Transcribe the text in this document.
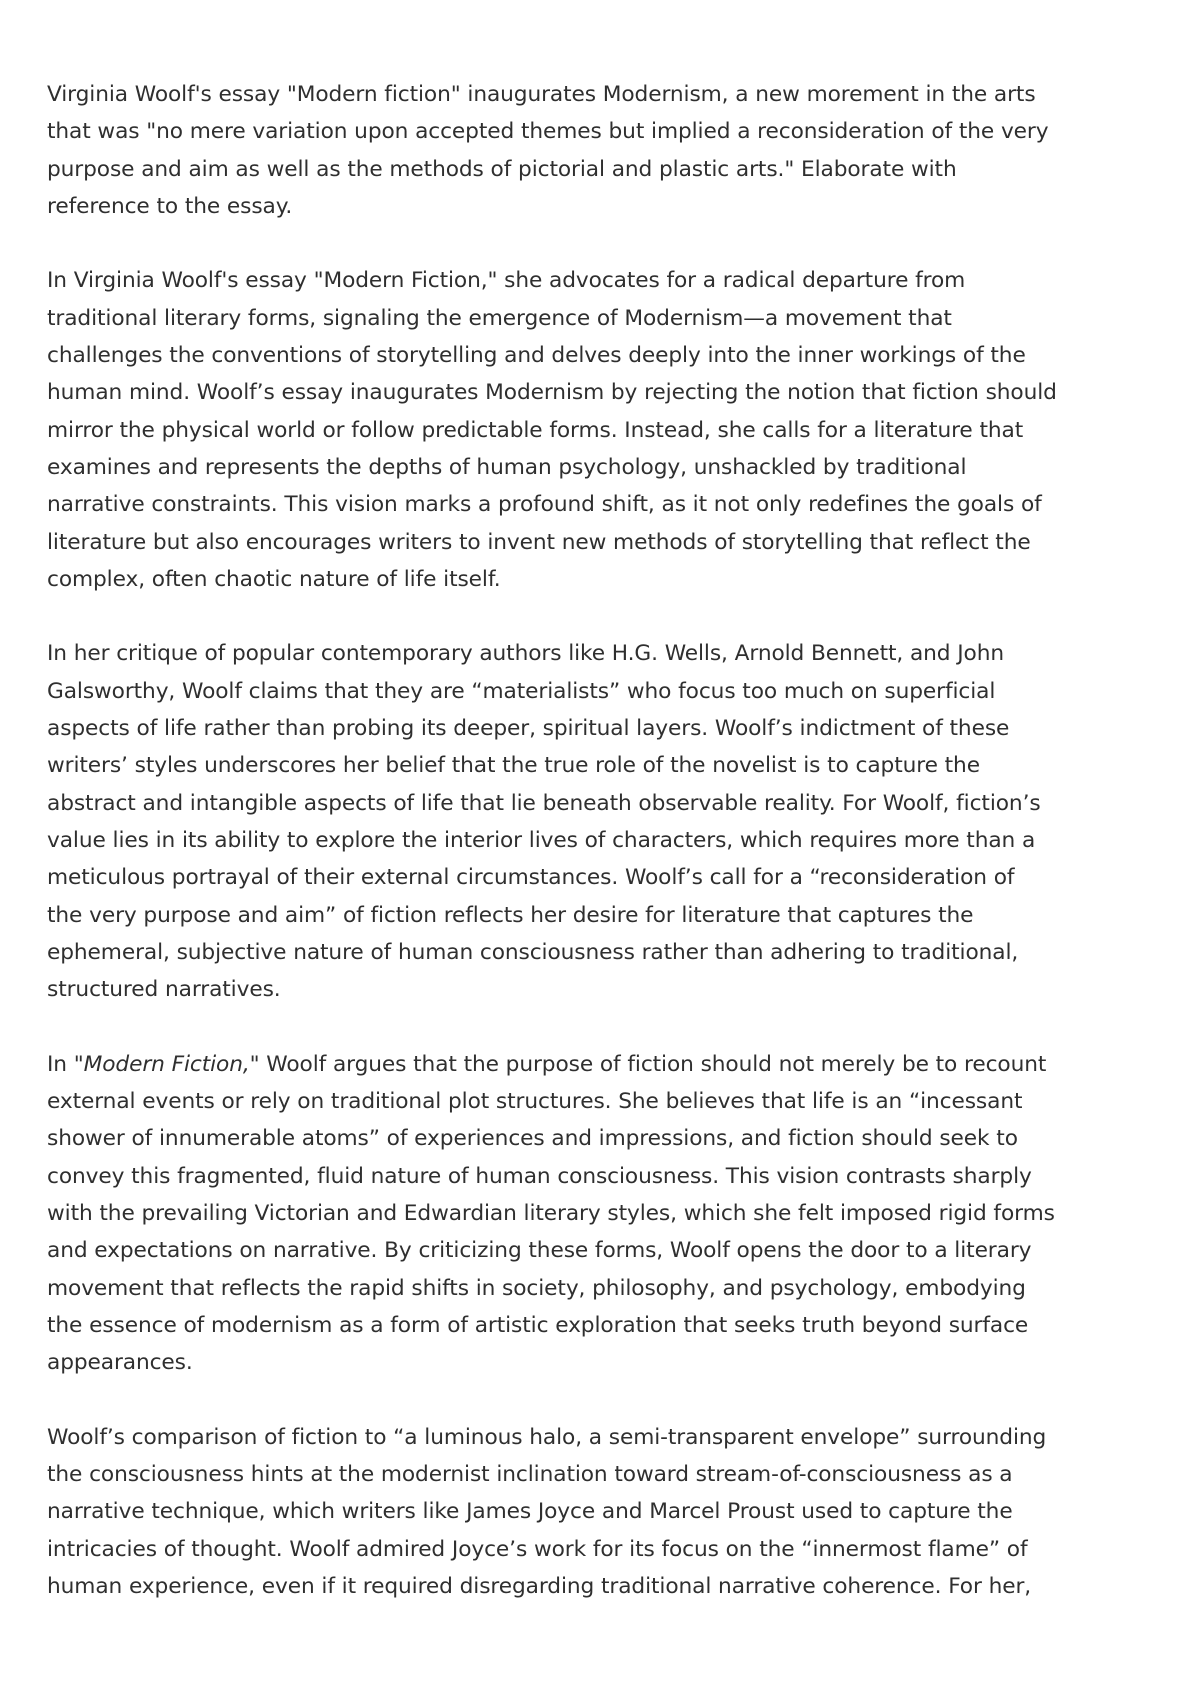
Virginia Woolf's essay "Modern fiction" inaugurates Modernism, a new morement in the arts
that was "no mere variation upon accepted themes but implied a reconsideration of the very
purpose and aim as well as the methods of pictorial and plastic arts." Elaborate with
reference to the essay.

In Virginia Woolf's essay "Modern Fiction," she advocates for a radical departure from
traditional literary forms, signaling the emergence of Modernism—a movement that
challenges the conventions of storytelling and delves deeply into the inner workings of the
human mind. Woolf’s essay inaugurates Modernism by rejecting the notion that fiction should
mirror the physical world or follow predictable forms. Instead, she calls for a literature that
examines and represents the depths of human psychology, unshackled by traditional
narrative constraints. This vision marks a profound shift, as it not only redefines the goals of
literature but also encourages writers to invent new methods of storytelling that reflect the
complex, often chaotic nature of life itself.

In her critique of popular contemporary authors like H.G. Wells, Arnold Bennett, and John
Galsworthy, Woolf claims that they are “materialists” who focus too much on superficial
aspects of life rather than probing its deeper, spiritual layers. Woolf’s indictment of these
writers’ styles underscores her belief that the true role of the novelist is to capture the
abstract and intangible aspects of life that lie beneath observable reality. For Woolf, fiction’s
value lies in its ability to explore the interior lives of characters, which requires more than a
meticulous portrayal of their external circumstances. Woolf’s call for a “reconsideration of
the very purpose and aim” of fiction reflects her desire for literature that captures the
ephemeral, subjective nature of human consciousness rather than adhering to traditional,
structured narratives.

In "Modern Fiction," Woolf argues that the purpose of fiction should not merely be to recount
external events or rely on traditional plot structures. She believes that life is an “incessant
shower of innumerable atoms” of experiences and impressions, and fiction should seek to
convey this fragmented, fluid nature of human consciousness. This vision contrasts sharply
with the prevailing Victorian and Edwardian literary styles, which she felt imposed rigid forms
and expectations on narrative. By criticizing these forms, Woolf opens the door to a literary
movement that reflects the rapid shifts in society, philosophy, and psychology, embodying
the essence of modernism as a form of artistic exploration that seeks truth beyond surface
appearances.

Woolf’s comparison of fiction to “a luminous halo, a semi-transparent envelope” surrounding
the consciousness hints at the modernist inclination toward stream-of-consciousness as a
narrative technique, which writers like James Joyce and Marcel Proust used to capture the
intricacies of thought. Woolf admired Joyce’s work for its focus on the “innermost flame” of
human experience, even if it required disregarding traditional narrative coherence. For her,
